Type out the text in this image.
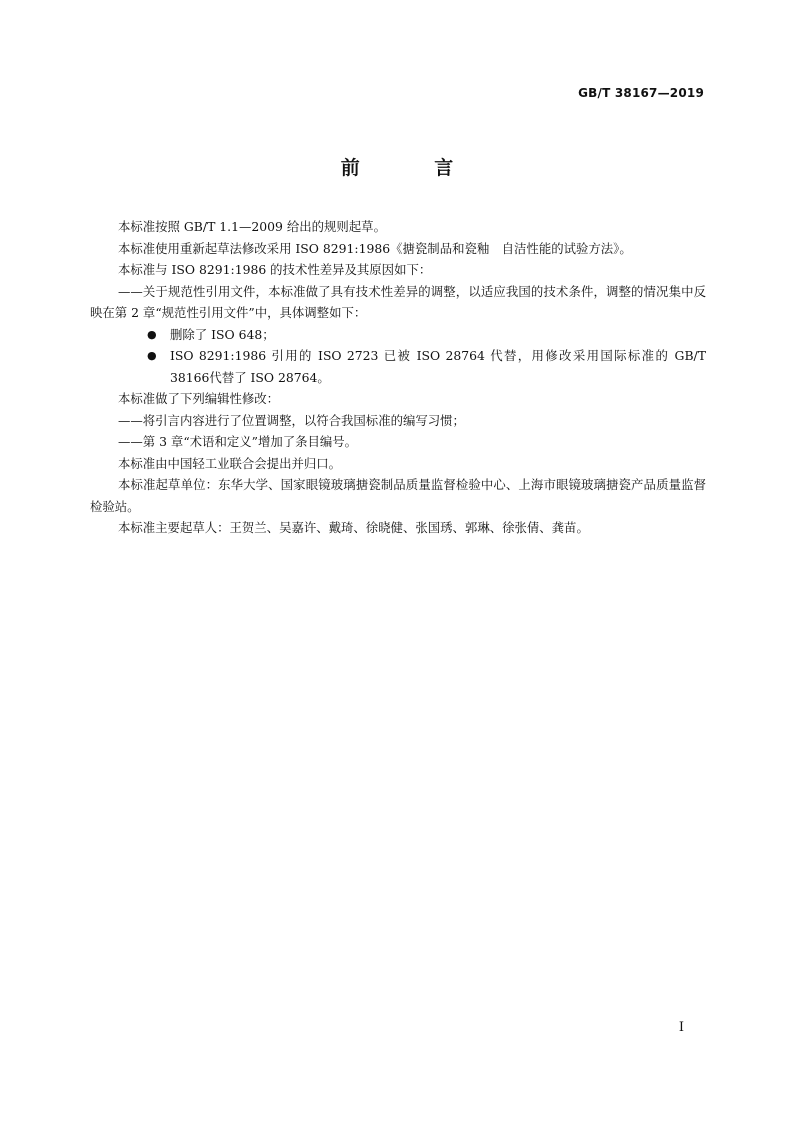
GB/T 38167—2019
前 言

本标准按照 GB/T 1.1—2009 给出的规则起草。

本标准使用重新起草法修改采用 ISO 8291:1986《搪瓷制品和瓷釉　自洁性能的试验方法》。

本标准与 ISO 8291:1986 的技术性差异及其原因如下：

——关于规范性引用文件，本标准做了具有技术性差异的调整，以适应我国的技术条件，调整的情况集中反映在第 2 章“规范性引用文件”中，具体调整如下：

● 删除了 ISO 648；

● ISO 8291:1986 引用的 ISO 2723 已被 ISO 28764 代替，用修改采用国际标准的 GB/T 38166代替了 ISO 28764。

本标准做了下列编辑性修改：

——将引言内容进行了位置调整，以符合我国标准的编写习惯；

——第 3 章“术语和定义”增加了条目编号。

本标准由中国轻工业联合会提出并归口。

本标准起草单位：东华大学、国家眼镜玻璃搪瓷制品质量监督检验中心、上海市眼镜玻璃搪瓷产品质量监督检验站。

本标准主要起草人：王贺兰、吴嘉许、戴琦、徐晓健、张国琇、郭琳、徐张倩、龚苗。

I
